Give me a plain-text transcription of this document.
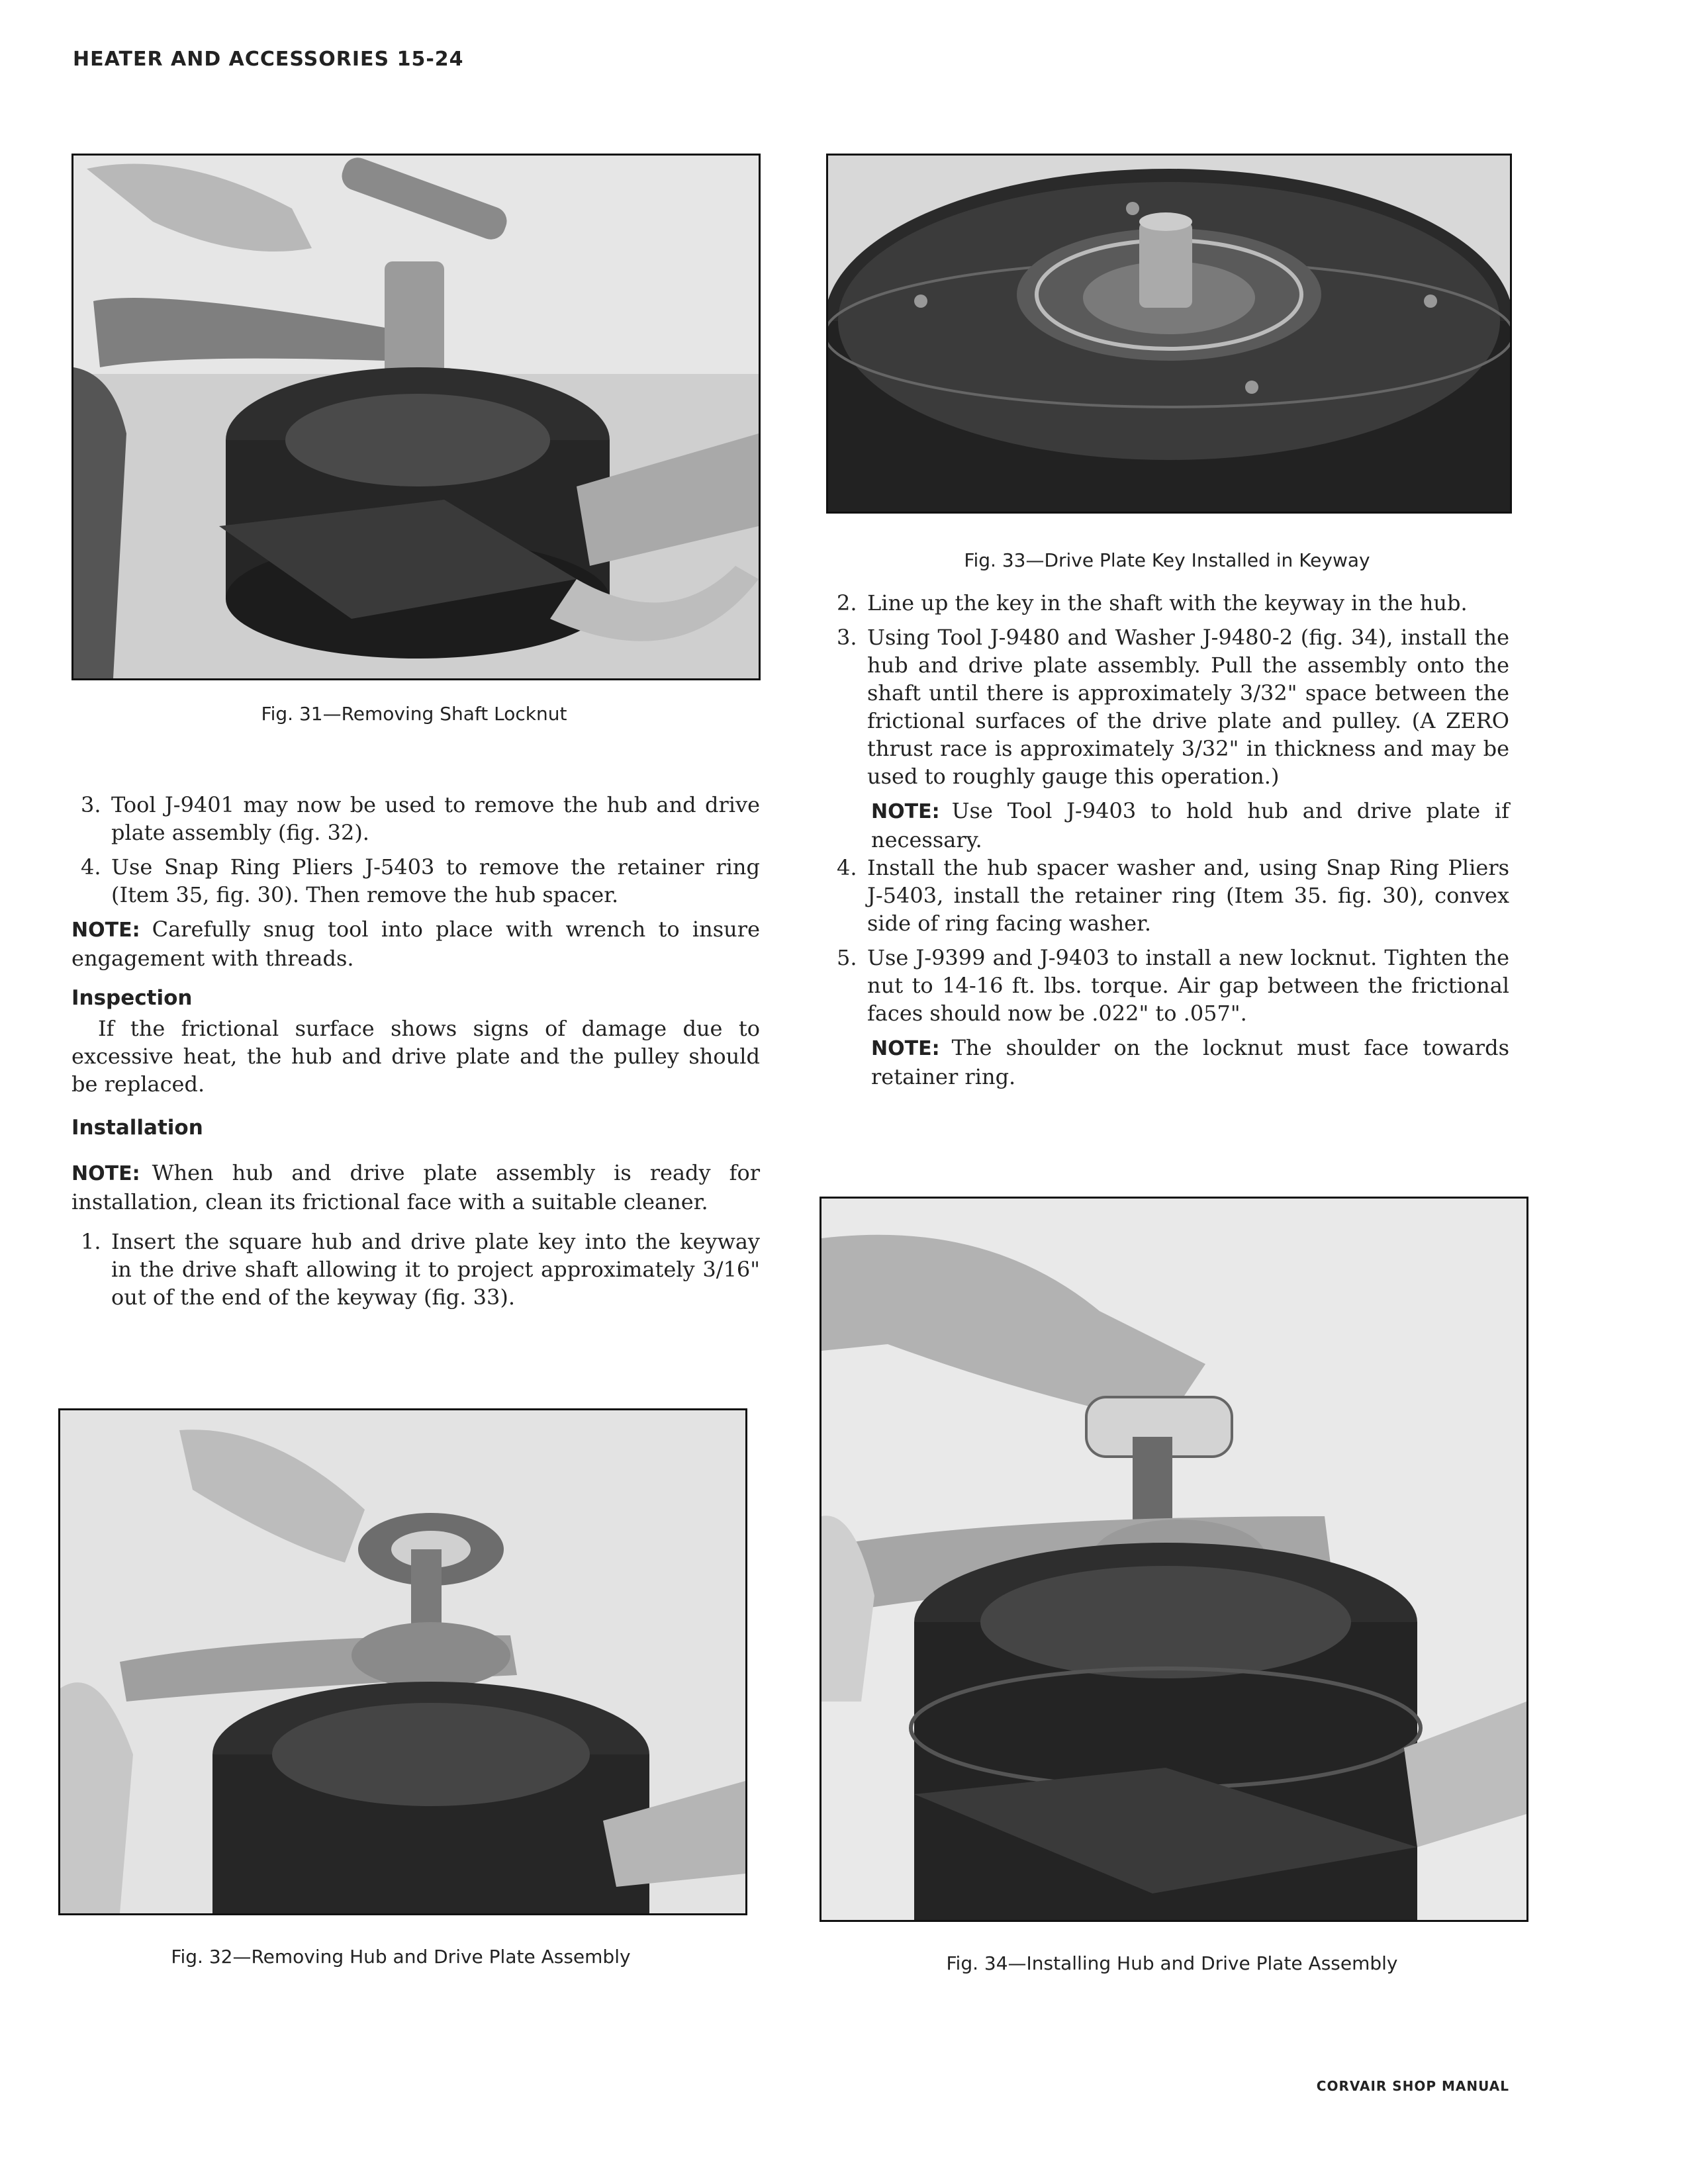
HEATER AND ACCESSORIES 15-24
Fig. 31—Removing Shaft Locknut
Fig. 33—Drive Plate Key Installed in Keyway
3. Tool J-9401 may now be used to remove the hub and drive plate assembly (fig. 32).
4. Use Snap Ring Pliers J-5403 to remove the retainer ring (Item 35, fig. 30). Then remove the hub spacer.

NOTE: Carefully snug tool into place with wrench to insure engagement with threads.

Inspection

If the frictional surface shows signs of damage due to excessive heat, the hub and drive plate and the pulley should be replaced.

Installation

NOTE: When hub and drive plate assembly is ready for installation, clean its frictional face with a suitable cleaner.

1. Insert the square hub and drive plate key into the keyway in the drive shaft allowing it to project approximately 3/16" out of the end of the keyway (fig. 33).
2. Line up the key in the shaft with the keyway in the hub.
3. Using Tool J-9480 and Washer J-9480-2 (fig. 34), install the hub and drive plate assembly. Pull the assembly onto the shaft until there is approximately 3/32" space between the frictional surfaces of the drive plate and pulley. (A ZERO thrust race is approximately 3/32" in thickness and may be used to roughly gauge this operation.)

NOTE: Use Tool J-9403 to hold hub and drive plate if necessary.

4. Install the hub spacer washer and, using Snap Ring Pliers J-5403, install the retainer ring (Item 35. fig. 30), convex side of ring facing washer.
5. Use J-9399 and J-9403 to install a new locknut. Tighten the nut to 14-16 ft. lbs. torque. Air gap between the frictional faces should now be .022" to .057".

NOTE: The shoulder on the locknut must face towards retainer ring.

Fig. 32—Removing Hub and Drive Plate Assembly	Fig. 34—Installing Hub and Drive Plate Assembly
CORVAIR SHOP MANUAL
